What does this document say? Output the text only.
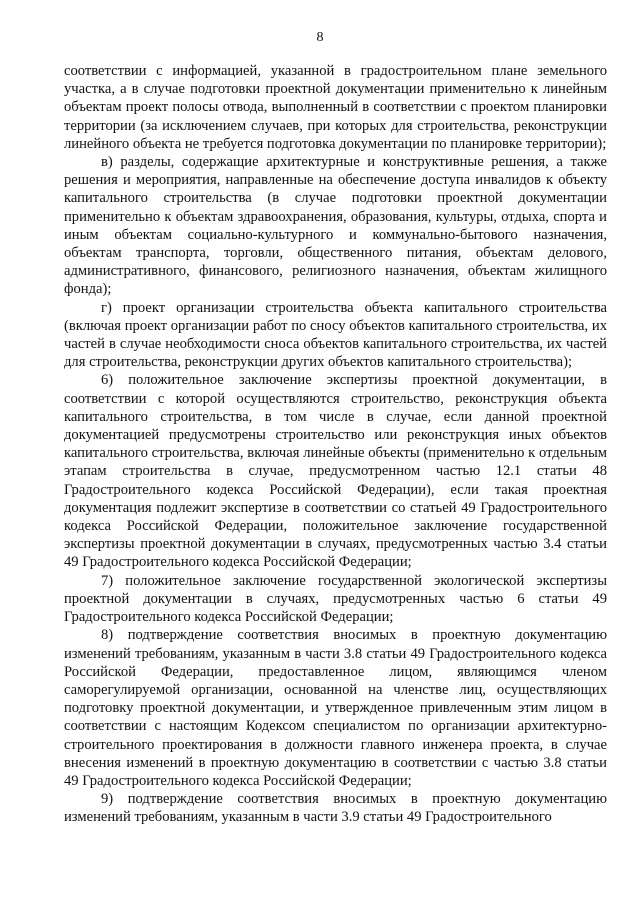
8

соответствии с информацией, указанной в градостроительном плане земельного участка, а в случае подготовки проектной документации применительно к линейным объектам проект полосы отвода, выполненный в соответствии с проектом планировки территории (за исключением случаев, при которых для строительства, реконструкции линейного объекта не требуется подготовка документации по планировке территории);

в) разделы, содержащие архитектурные и конструктивные решения, а также решения и мероприятия, направленные на обеспечение доступа инвалидов к объекту капитального строительства (в случае подготовки проектной документации применительно к объектам здравоохранения, образования, культуры, отдыха, спорта и иным объектам социально-культурного и коммунально-бытового назначения, объектам транспорта, торговли, общественного питания, объектам делового, административного, финансового, религиозного назначения, объектам жилищного фонда);

г) проект организации строительства объекта капитального строительства (включая проект организации работ по сносу объектов капитального строительства, их частей в случае необходимости сноса объектов капитального строительства, их частей для строительства, реконструкции других объектов капитального строительства);

6) положительное заключение экспертизы проектной документации, в соответствии с которой осуществляются строительство, реконструкция объекта капитального строительства, в том числе в случае, если данной проектной документацией предусмотрены строительство или реконструкция иных объектов капитального строительства, включая линейные объекты (применительно к отдельным этапам строительства в случае, предусмотренном частью 12.1 статьи 48 Градостроительного кодекса Российской Федерации), если такая проектная документация подлежит экспертизе в соответствии со статьей 49 Градостроительного кодекса Российской Федерации, положительное заключение государственной экспертизы проектной документации в случаях, предусмотренных частью 3.4 статьи 49 Градостроительного кодекса Российской Федерации;

7) положительное заключение государственной экологической экспертизы проектной документации в случаях, предусмотренных частью 6 статьи 49 Градостроительного кодекса Российской Федерации;

8) подтверждение соответствия вносимых в проектную документацию изменений требованиям, указанным в части 3.8 статьи 49 Градостроительного кодекса Российской Федерации, предоставленное лицом, являющимся членом саморегулируемой организации, основанной на членстве лиц, осуществляющих подготовку проектной документации, и утвержденное привлеченным этим лицом в соответствии с настоящим Кодексом специалистом по организации архитектурно-строительного проектирования в должности главного инженера проекта, в случае внесения изменений в проектную документацию в соответствии с частью 3.8 статьи 49 Градостроительного кодекса Российской Федерации;

9) подтверждение соответствия вносимых в проектную документацию изменений требованиям, указанным в части 3.9 статьи 49 Градостроительного
